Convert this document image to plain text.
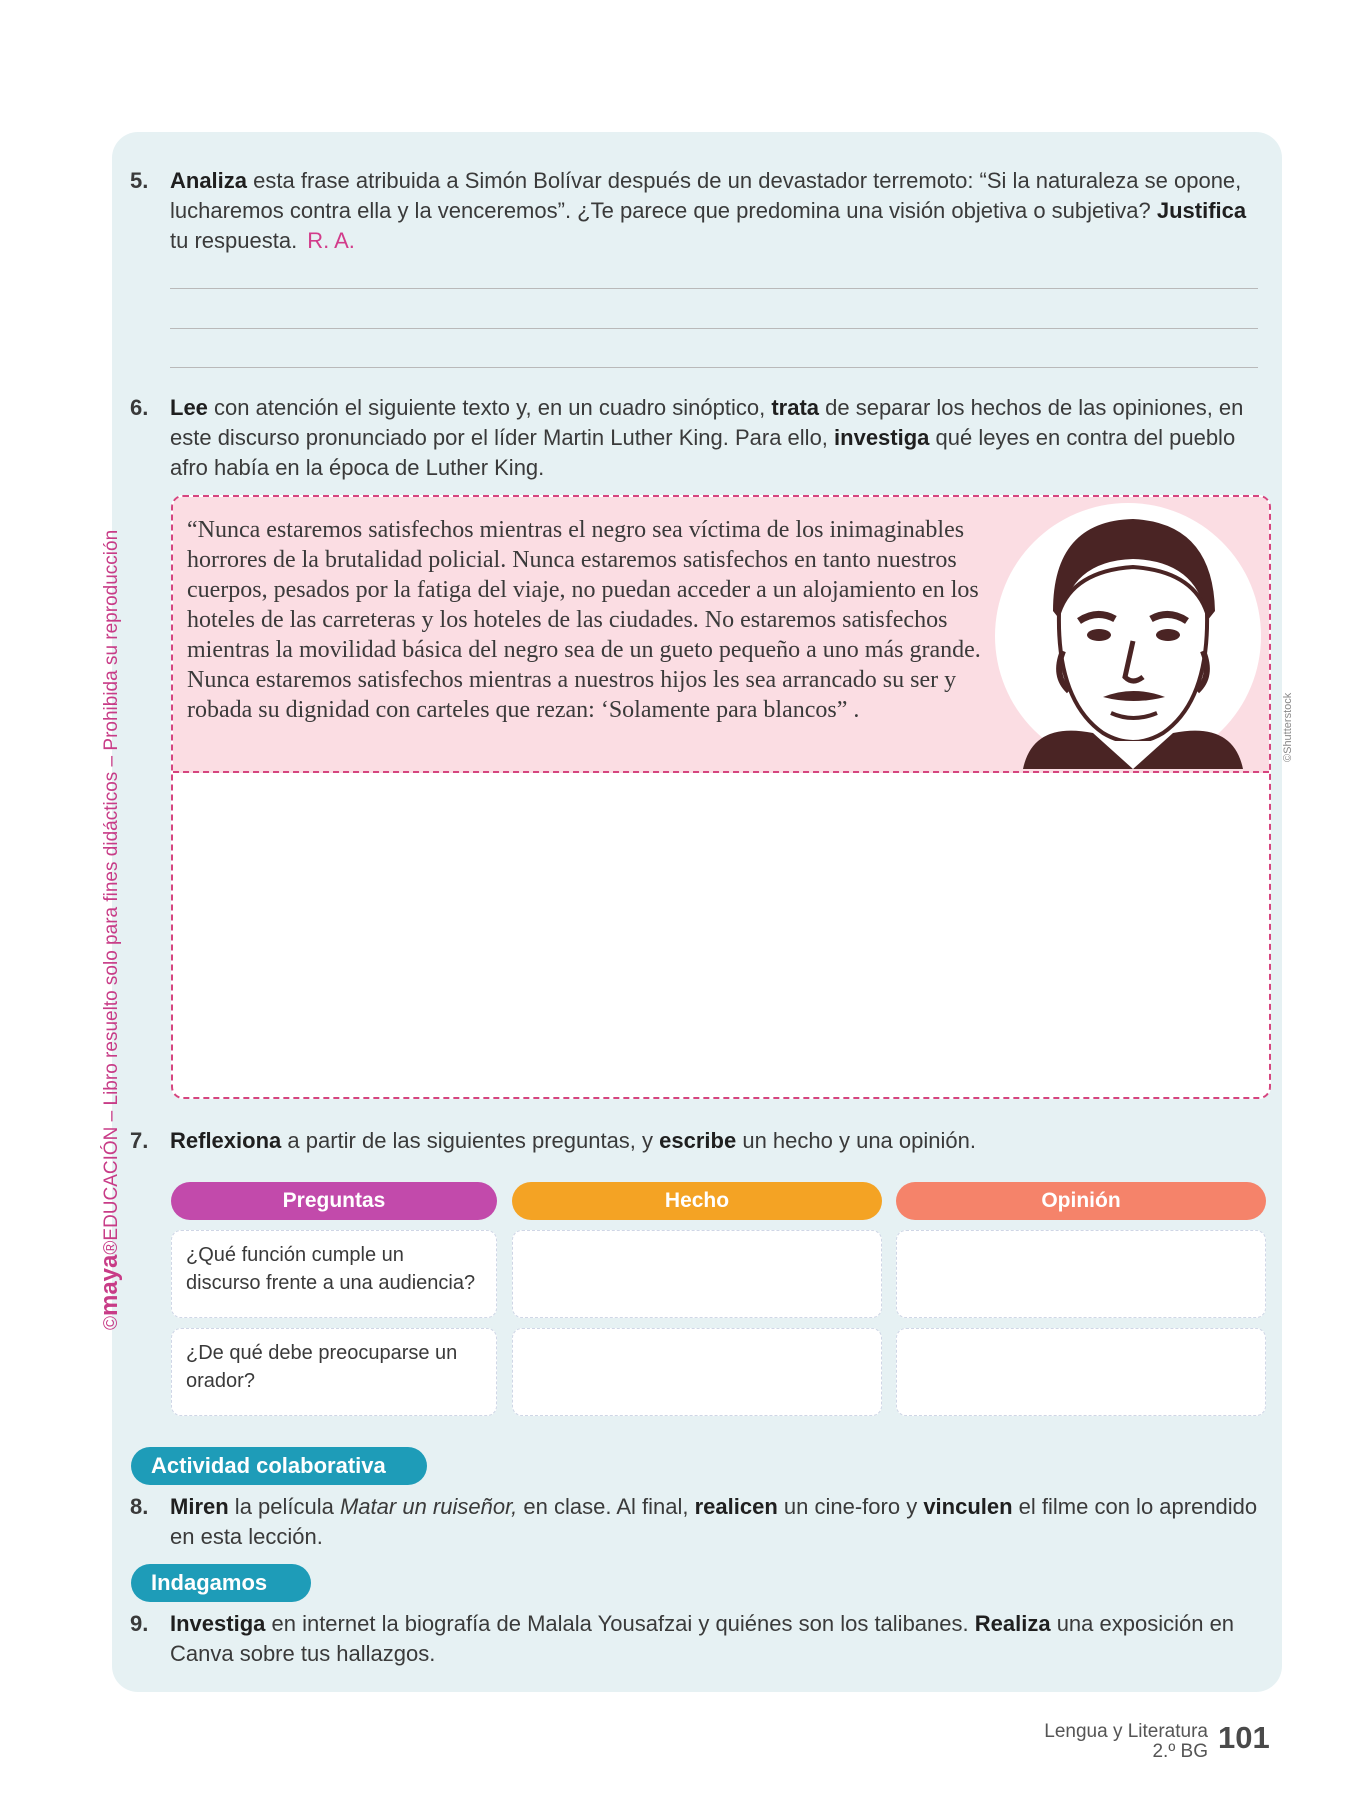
©maya®EDUCACIÓN – Libro resuelto solo para fines didácticos – Prohibida su reproducción
5. Analiza esta frase atribuida a Simón Bolívar después de un devastador terremoto: “Si la naturaleza se opone, lucharemos contra ella y la venceremos”. ¿Te parece que predomina una visión objetiva o subjetiva? Justifica tu respuesta. R. A.
6. Lee con atención el siguiente texto y, en un cuadro sinóptico, trata de separar los hechos de las opiniones, en este discurso pronunciado por el líder Martin Luther King. Para ello, investiga qué leyes en contra del pueblo afro había en la época de Luther King.
“Nunca estaremos satisfechos mientras el negro sea víctima de los inimaginables horrores de la brutalidad policial. Nunca estaremos satisfechos en tanto nuestros cuerpos, pesados por la fatiga del viaje, no puedan acceder a un alojamiento en los hoteles de las carreteras y los hoteles de las ciudades. No estaremos satisfechos mientras la movilidad básica del negro sea de un gueto pequeño a uno más grande. Nunca estaremos satisfechos mientras a nuestros hijos les sea arrancado su ser y robada su dignidad con carteles que rezan: ‘Solamente para blancos” .	©Shutterstock
7. Reflexiona a partir de las siguientes preguntas, y escribe un hecho y una opinión.
Preguntas	Hecho	Opinión
¿Qué función cumple un discurso frente a una audiencia?
¿De qué debe preocuparse un orador?
Actividad colaborativa
8. Miren la película Matar un ruiseñor, en clase. Al final, realicen un cine-foro y vinculen el filme con lo aprendido en esta lección.
Indagamos
9. Investiga en internet la biografía de Malala Yousafzai y quiénes son los talibanes. Realiza una exposición en Canva sobre tus hallazgos.
Lengua y Literatura
2.º BG 101
